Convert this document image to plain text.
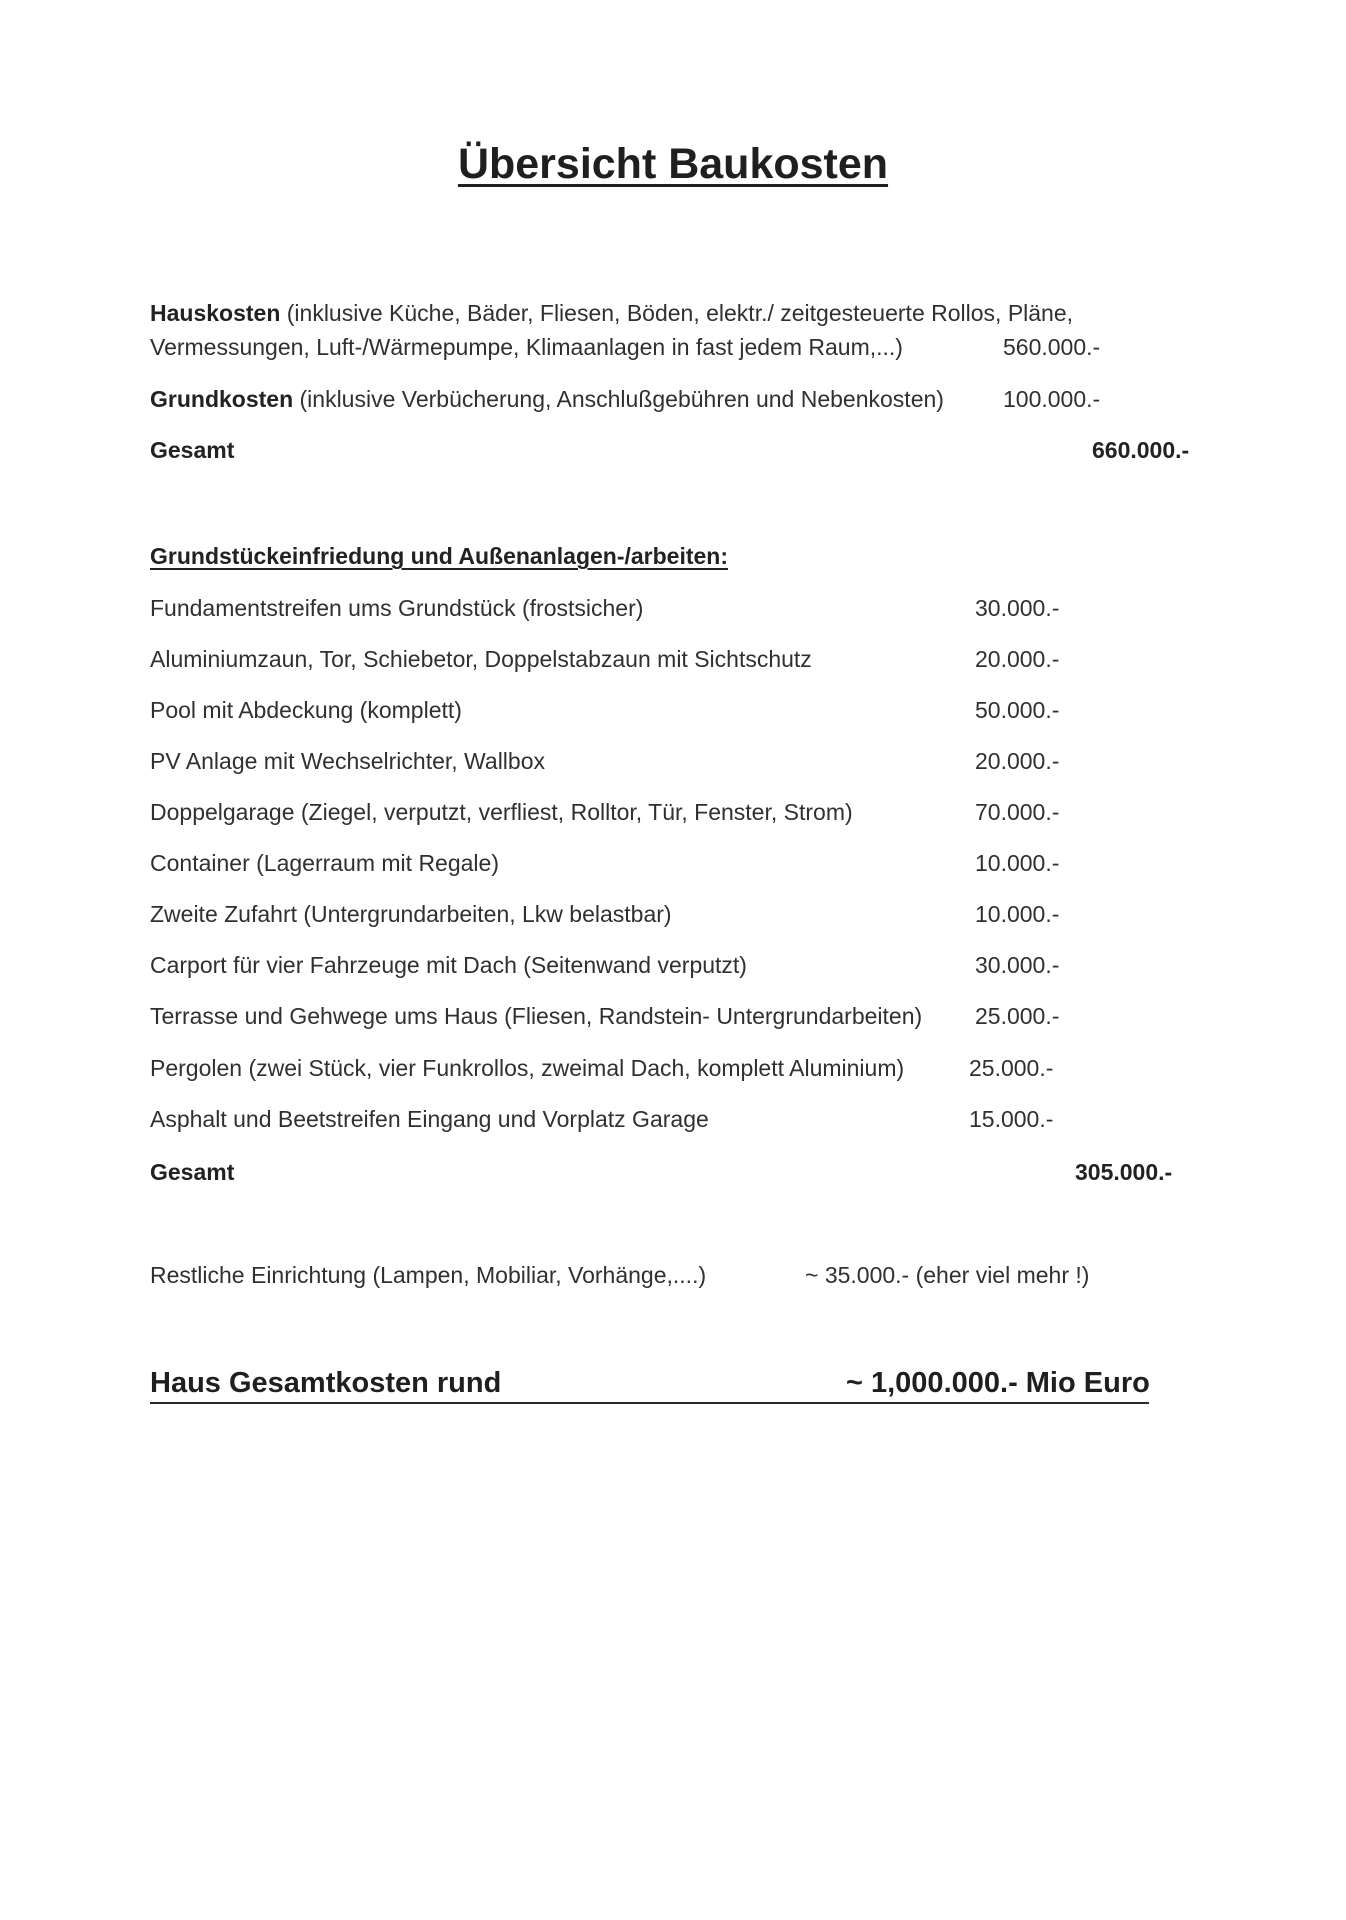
Übersicht Baukosten
Hauskosten (inklusive Küche, Bäder, Fliesen, Böden, elektr./ zeitgesteuerte Rollos, Pläne,
Vermessungen, Luft-/Wärmepumpe, Klimaanlagen in fast jedem Raum,...)	560.000.-
Grundkosten (inklusive Verbücherung, Anschlußgebühren und Nebenkosten)	100.000.-
Gesamt	660.000.-
Grundstückeinfriedung und Außenanlagen-/arbeiten:
Fundamentstreifen ums Grundstück (frostsicher)	30.000.-
Aluminiumzaun, Tor, Schiebetor, Doppelstabzaun mit Sichtschutz	20.000.-
Pool mit Abdeckung (komplett)	50.000.-
PV Anlage mit Wechselrichter, Wallbox	20.000.-
Doppelgarage (Ziegel, verputzt, verfliest, Rolltor, Tür, Fenster, Strom)	70.000.-
Container (Lagerraum mit Regale)	10.000.-
Zweite Zufahrt (Untergrundarbeiten, Lkw belastbar)	10.000.-
Carport für vier Fahrzeuge mit Dach (Seitenwand verputzt)	30.000.-
Terrasse und Gehwege ums Haus (Fliesen, Randstein- Untergrundarbeiten) 25.000.-
Pergolen (zwei Stück, vier Funkrollos, zweimal Dach, komplett Aluminium)	25.000.-
Asphalt und Beetstreifen Eingang und Vorplatz Garage	15.000.-
Gesamt	305.000.-
Restliche Einrichtung (Lampen, Mobiliar, Vorhänge,....)	~ 35.000.- (eher viel mehr !)
Haus Gesamtkosten rund	~ 1,000.000.- Mio Euro
